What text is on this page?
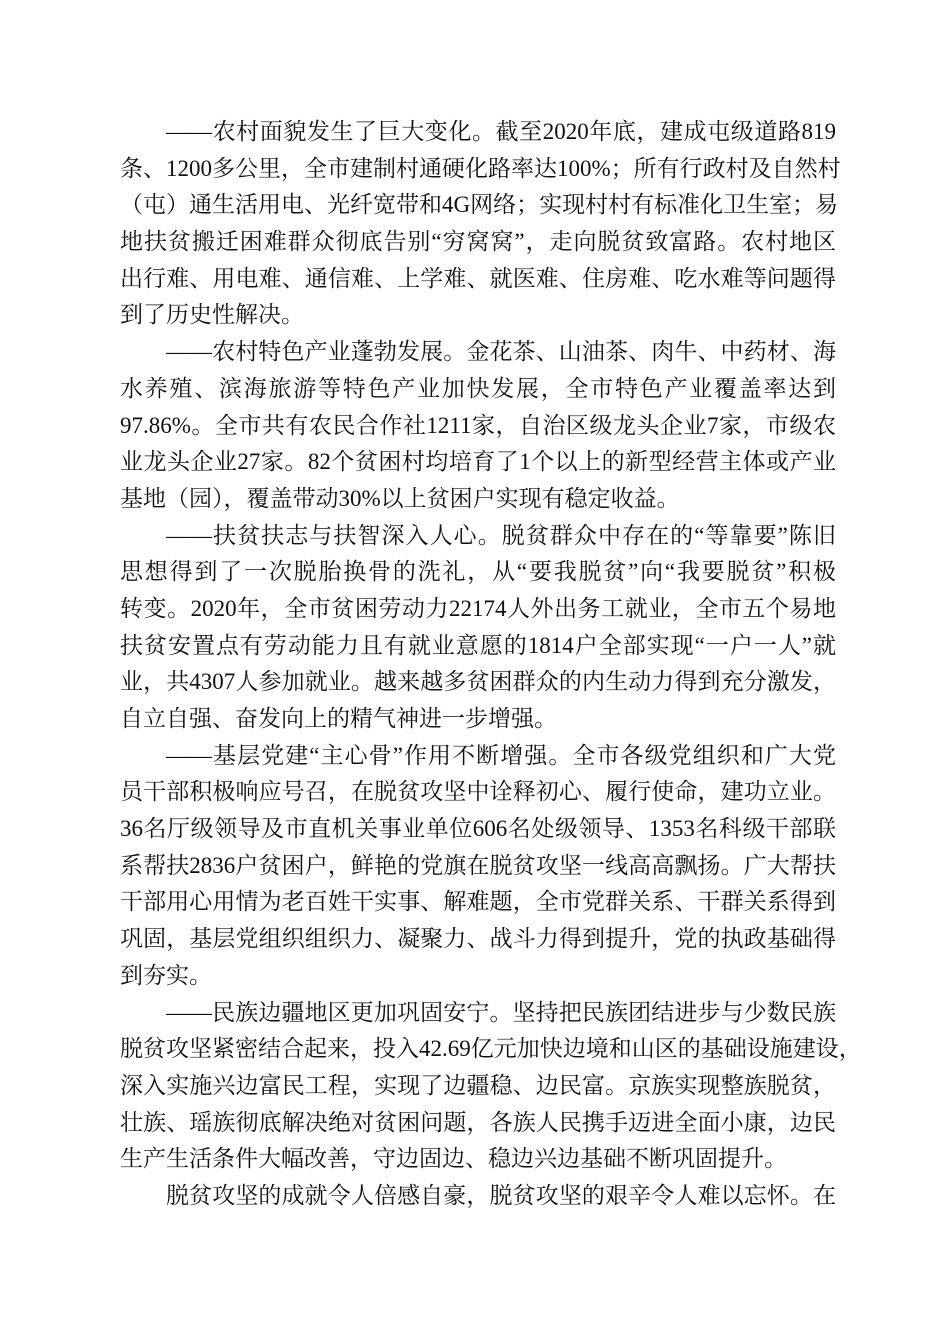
——农村面貌发生了巨大变化。截至2020年底，建成屯级道路819
条、1200多公里，全市建制村通硬化路率达100%；所有行政村及自然村
（屯）通生活用电、光纤宽带和4G网络；实现村村有标准化卫生室；易
地扶贫搬迁困难群众彻底告别“穷窝窝”，走向脱贫致富路。农村地区
出行难、用电难、通信难、上学难、就医难、住房难、吃水难等问题得
到了历史性解决。
——农村特色产业蓬勃发展。金花茶、山油茶、肉牛、中药材、海
水养殖、滨海旅游等特色产业加快发展，全市特色产业覆盖率达到
97.86%。全市共有农民合作社1211家，自治区级龙头企业7家，市级农
业龙头企业27家。82个贫困村均培育了1个以上的新型经营主体或产业
基地（园），覆盖带动30%以上贫困户实现有稳定收益。
——扶贫扶志与扶智深入人心。脱贫群众中存在的“等靠要”陈旧
思想得到了一次脱胎换骨的洗礼，从“要我脱贫”向“我要脱贫”积极
转变。2020年，全市贫困劳动力22174人外出务工就业，全市五个易地
扶贫安置点有劳动能力且有就业意愿的1814户全部实现“一户一人”就
业，共4307人参加就业。越来越多贫困群众的内生动力得到充分激发，
自立自强、奋发向上的精气神进一步增强。
——基层党建“主心骨”作用不断增强。全市各级党组织和广大党
员干部积极响应号召，在脱贫攻坚中诠释初心、履行使命，建功立业。
36名厅级领导及市直机关事业单位606名处级领导、1353名科级干部联
系帮扶2836户贫困户，鲜艳的党旗在脱贫攻坚一线高高飘扬。广大帮扶
干部用心用情为老百姓干实事、解难题，全市党群关系、干群关系得到
巩固，基层党组织组织力、凝聚力、战斗力得到提升，党的执政基础得
到夯实。
——民族边疆地区更加巩固安宁。坚持把民族团结进步与少数民族
脱贫攻坚紧密结合起来，投入42.69亿元加快边境和山区的基础设施建设，
深入实施兴边富民工程，实现了边疆稳、边民富。京族实现整族脱贫，
壮族、瑶族彻底解决绝对贫困问题，各族人民携手迈进全面小康，边民
生产生活条件大幅改善，守边固边、稳边兴边基础不断巩固提升。
脱贫攻坚的成就令人倍感自豪，脱贫攻坚的艰辛令人难以忘怀。在
